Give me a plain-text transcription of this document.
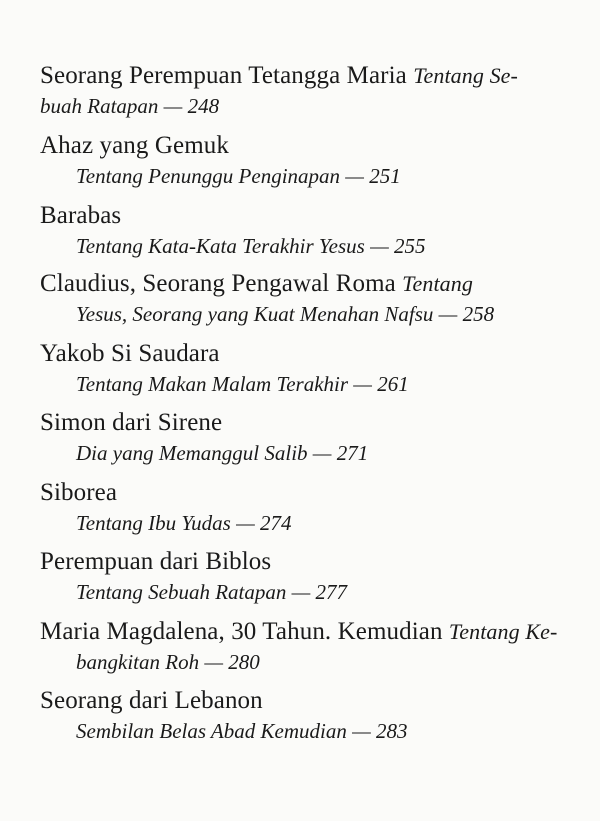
Seorang Perempuan Tetangga Maria Tentang Se-
buah Ratapan — 248
Ahaz yang Gemuk
Tentang Penunggu Penginapan — 251
Barabas
Tentang Kata-Kata Terakhir Yesus — 255
Claudius, Seorang Pengawal Roma Tentang
Yesus, Seorang yang Kuat Menahan Nafsu — 258
Yakob Si Saudara
Tentang Makan Malam Terakhir — 261
Simon dari Sirene
Dia yang Memanggul Salib — 271
Siborea
Tentang Ibu Yudas — 274
Perempuan dari Biblos
Tentang Sebuah Ratapan — 277
Maria Magdalena, 30 Tahun. Kemudian Tentang Ke-
bangkitan Roh — 280
Seorang dari Lebanon
Sembilan Belas Abad Kemudian — 283
